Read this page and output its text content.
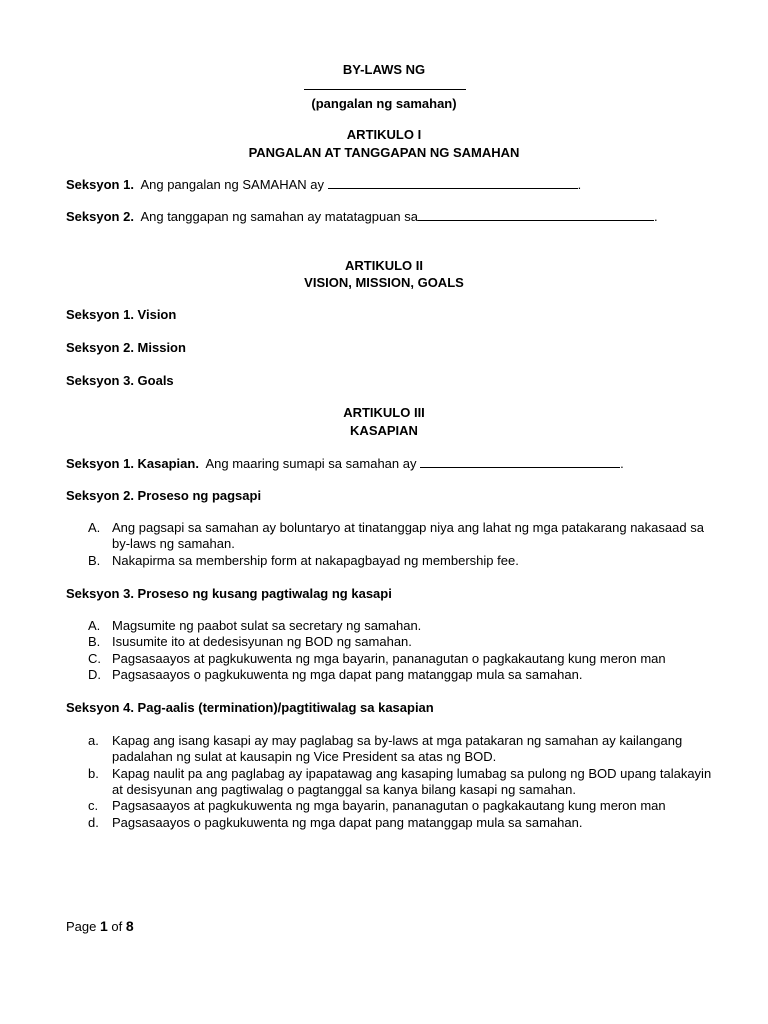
BY-LAWS NG
(pangalan ng samahan)
ARTIKULO I
PANGALAN AT TANGGAPAN NG SAMAHAN
Seksyon 1. Ang pangalan ng SAMAHAN ay	.
Seksyon 2. Ang tanggapan ng samahan ay matatagpuan sa	.
ARTIKULO II
VISION, MISSION, GOALS
Seksyon 1. Vision
Seksyon 2. Mission
Seksyon 3. Goals
ARTIKULO III
KASAPIAN
Seksyon 1. Kasapian. Ang maaring sumapi sa samahan ay	.
Seksyon 2. Proseso ng pagsapi
A. Ang pagsapi sa samahan ay boluntaryo at tinatanggap niya ang lahat ng mga patakarang nakasaad sa
by-laws ng samahan.
B. Nakapirma sa membership form at nakapagbayad ng membership fee.
Seksyon 3. Proseso ng kusang pagtiwalag ng kasapi
A. Magsumite ng paabot sulat sa secretary ng samahan.
B. Isusumite ito at dedesisyunan ng BOD ng samahan.
C. Pagsasaayos at pagkukuwenta ng mga bayarin, pananagutan o pagkakautang kung meron man
D. Pagsasaayos o pagkukuwenta ng mga dapat pang matanggap mula sa samahan.
Seksyon 4. Pag-aalis (termination)/pagtitiwalag sa kasapian
a. Kapag ang isang kasapi ay may paglabag sa by-laws at mga patakaran ng samahan ay kailangang
padalahan ng sulat at kausapin ng Vice President sa atas ng BOD.
b. Kapag naulit pa ang paglabag ay ipapatawag ang kasaping lumabag sa pulong ng BOD upang talakayin
at desisyunan ang pagtiwalag o pagtanggal sa kanya bilang kasapi ng samahan.
c. Pagsasaayos at pagkukuwenta ng mga bayarin, pananagutan o pagkakautang kung meron man
d. Pagsasaayos o pagkukuwenta ng mga dapat pang matanggap mula sa samahan.
Page 1 of 8
